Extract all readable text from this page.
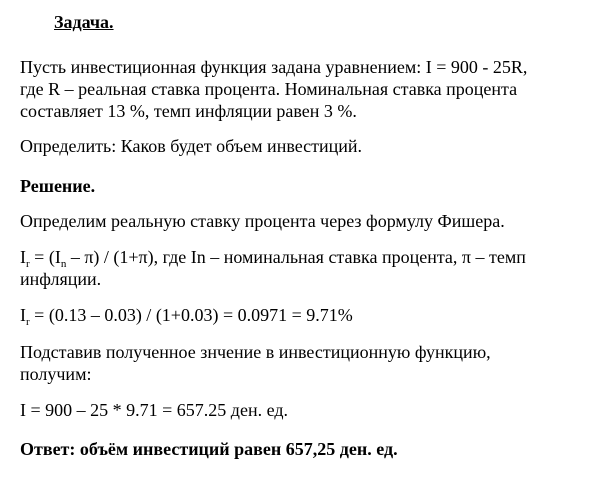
Задача.
Пусть инвестиционная функция задана уравнением: I = 900 - 25R,
где R – реальная ставка процента. Номинальная ставка процента
составляет 13 %, темп инфляции равен 3 %.
Определить: Каков будет объем инвестиций.
Решение.
Определим реальную ставку процента через формулу Фишера.
$I_r = (I_n - \pi) / (1+\pi)$, где In – номинальная ставка процента, π – темп
инфляции.
$I_r = (0.13 - 0.03) / (1+0.03) = 0.0971 = 9.71\%$
Подставив полученное знчение в инвестиционную функцию,
получим:
I = 900 – 25 * 9.71 = 657.25 ден. ед.
Ответ: объём инвестиций равен 657,25 ден. ед.
